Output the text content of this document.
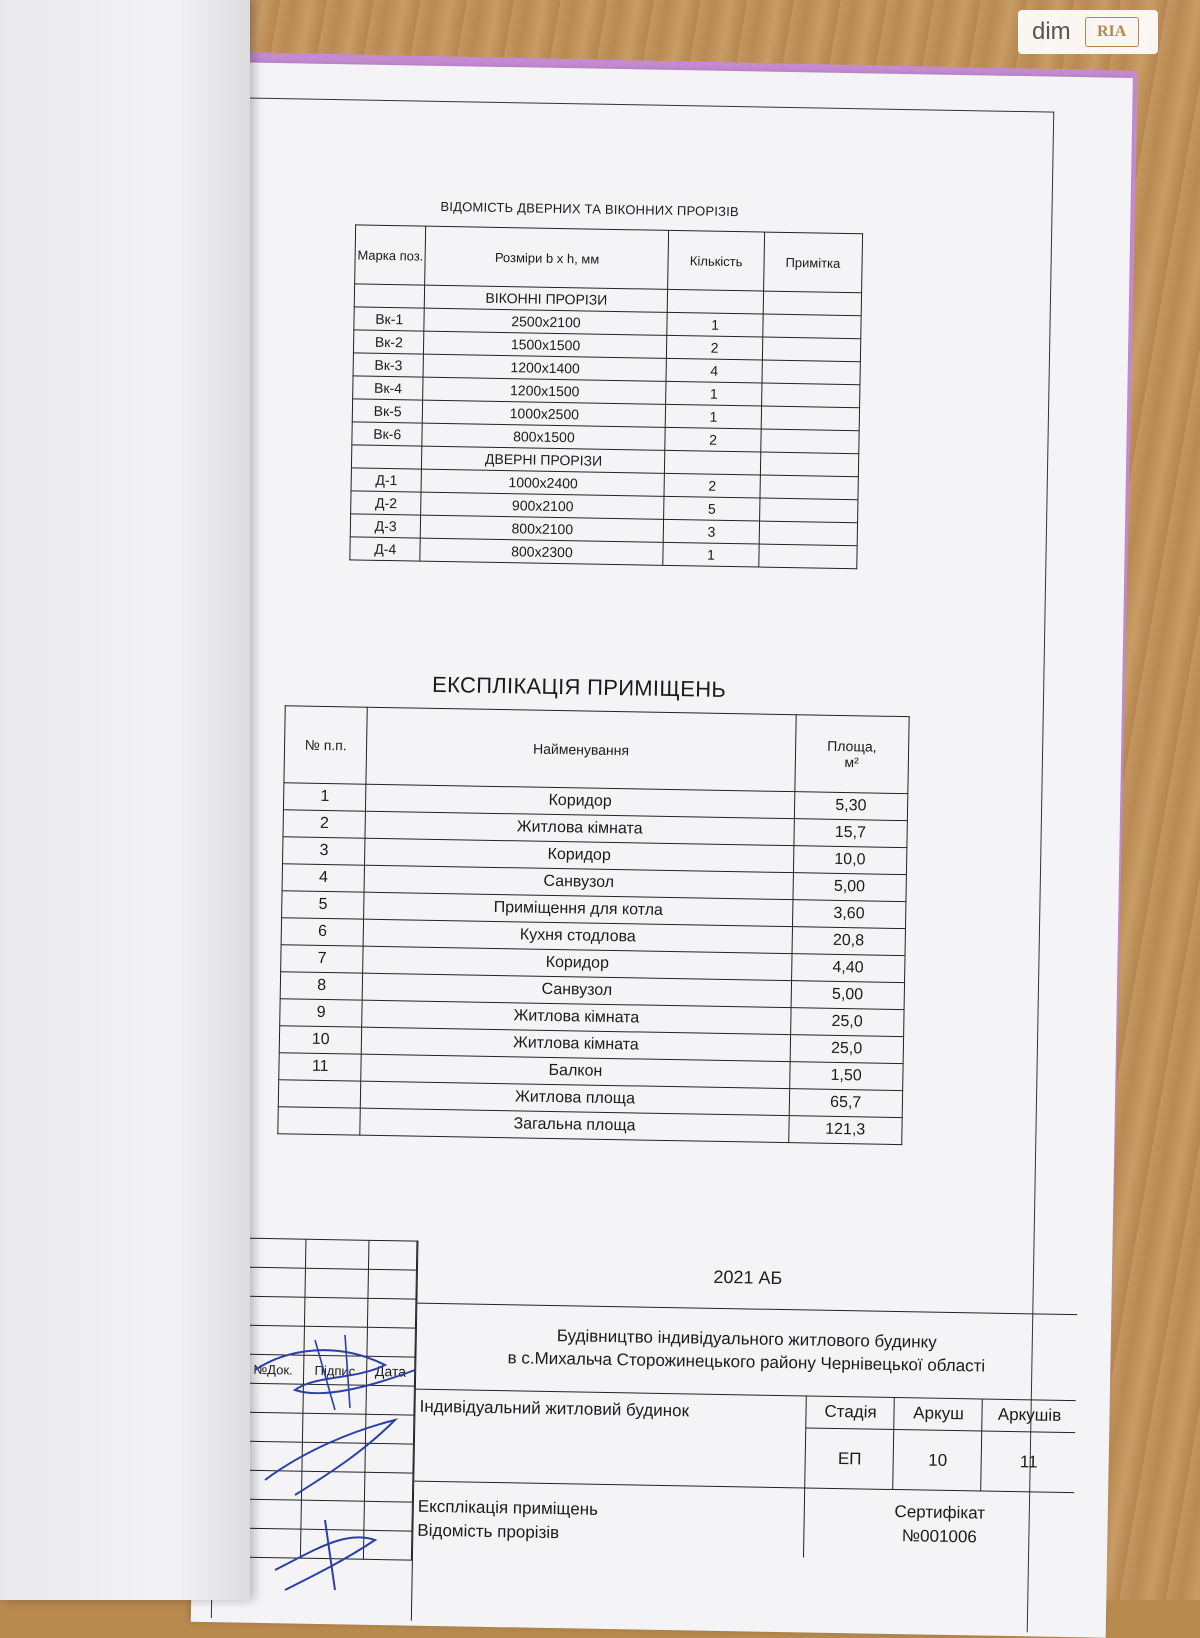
ВІДОМІСТЬ ДВЕРНИХ ТА ВІКОННИХ ПРОРІЗІВ
Марка поз.	Розміри b x h, мм	Кількість	Примітка
	ВІКОННІ ПРОРІЗИ		
Вк-1	2500х2100	1	
Вк-2	1500х1500	2	
Вк-3	1200х1400	4	
Вк-4	1200х1500	1	
Вк-5	1000х2500	1	
Вк-6	800х1500	2	
	ДВЕРНІ ПРОРІЗИ		
Д-1	1000х2400	2	
Д-2	900х2100	5	
Д-3	800х2100	3	
Д-4	800х2300	1	
ЕКСПЛІКАЦІЯ ПРИМІЩЕНЬ
№ п.п.	Найменування	Площа,
м²
1	Коридор	5,30
2	Житлова кімната	15,7
3	Коридор	10,0
4	Санвузол	5,00
5	Приміщення для котла	3,60
6	Кухня стодлова	20,8
7	Коридор	4,40
8	Санвузол	5,00
9	Житлова кімната	25,0
10	Житлова кімната	25,0
11	Балкон	1,50
	Житлова площа	65,7
	Загальна площа	121,3

			№Док.	Підпис	Дата

2021 АБ
Будівництво індивідуального житлового будинку
в с.Михальча Сторожинецького району Чернівецької області
Індивідуальний житловий будинок	Стадія	Аркуш	Аркушів
ЕП	10	11
Експлікація приміщень
Відомість прорізів
Сертифікат
№001006
dim	RIA
